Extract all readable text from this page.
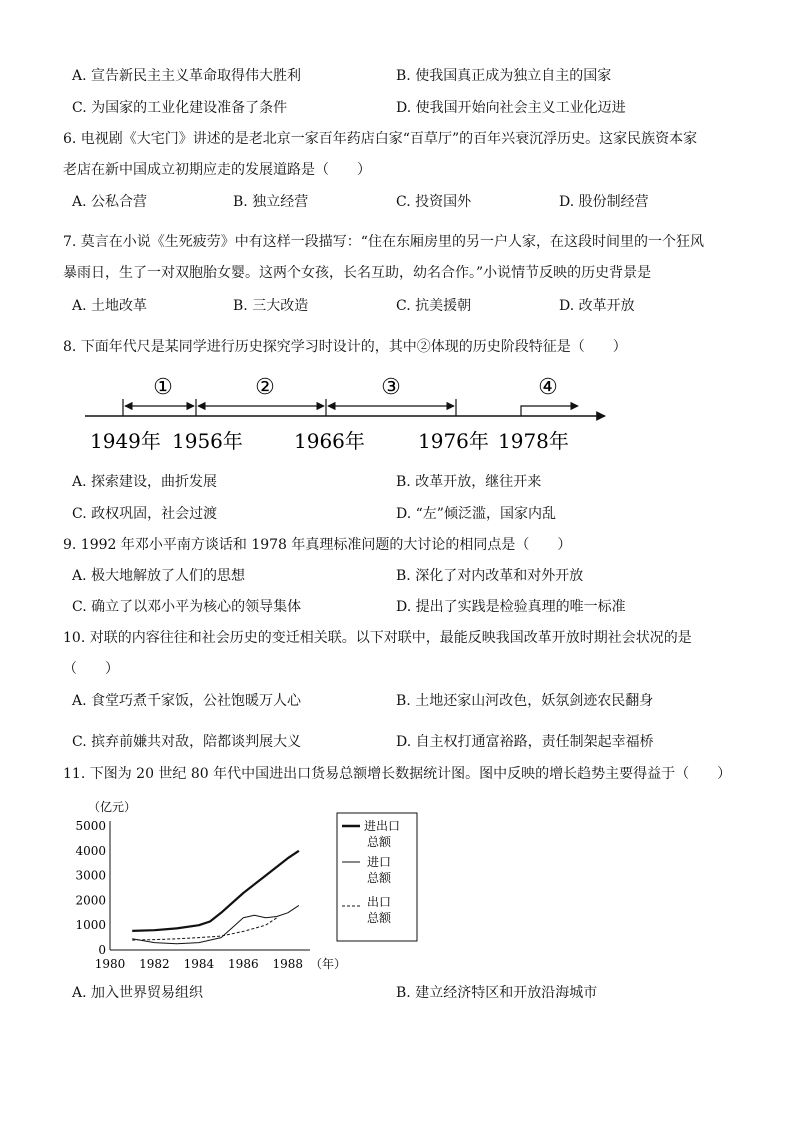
A. 宣告新民主主义革命取得伟大胜利	B. 使我国真正成为独立自主的国家
C. 为国家的工业化建设准备了条件	D. 使我国开始向社会主义工业化迈进
6. 电视剧《大宅门》讲述的是老北京一家百年药店白家“百草厅”的百年兴衰沉浮历史。这家民族资本家
老店在新中国成立初期应走的发展道路是（　　）
A. 公私合营	B. 独立经营	C. 投资国外	D. 股份制经营
7. 莫言在小说《生死疲劳》中有这样一段描写：“住在东厢房里的另一户人家，在这段时间里的一个狂风
暴雨日，生了一对双胞胎女婴。这两个女孩，长名互助，幼名合作。”小说情节反映的历史背景是
A. 土地改革	B. 三大改造	C. 抗美援朝	D. 改革开放
8. 下面年代尺是某同学进行历史探究学习时设计的，其中②体现的历史阶段特征是（　　）
①	②	③	④
1949年 1956年	1966年	1976年 1978年
A. 探索建设，曲折发展	B. 改革开放，继往开来
C. 政权巩固，社会过渡	D. “左”倾泛滥，国家内乱
9. 1992 年邓小平南方谈话和 1978 年真理标准问题的大讨论的相同点是（　　）
A. 极大地解放了人们的思想	B. 深化了对内改革和对外开放
C. 确立了以邓小平为核心的领导集体	D. 提出了实践是检验真理的唯一标准
10. 对联的内容往往和社会历史的变迁相关联。以下对联中，最能反映我国改革开放时期社会状况的是
（　　）
A. 食堂巧煮千家饭，公社饱暖万人心	B. 土地还家山河改色，妖氛剑迹农民翻身
C. 摈弃前嫌共对敌，陪都谈判展大义	D. 自主权打通富裕路，责任制架起幸福桥
11. 下图为 20 世纪 80 年代中国进出口货易总额增长数据统计图。图中反映的增长趋势主要得益于（　　）
（亿元）
0
1000
2000
3000
4000
5000
1980 1982 1984 1986 1988 （年）
进出口
总额
进口
总额
出口
总额
A. 加入世界贸易组织	B. 建立经济特区和开放沿海城市
